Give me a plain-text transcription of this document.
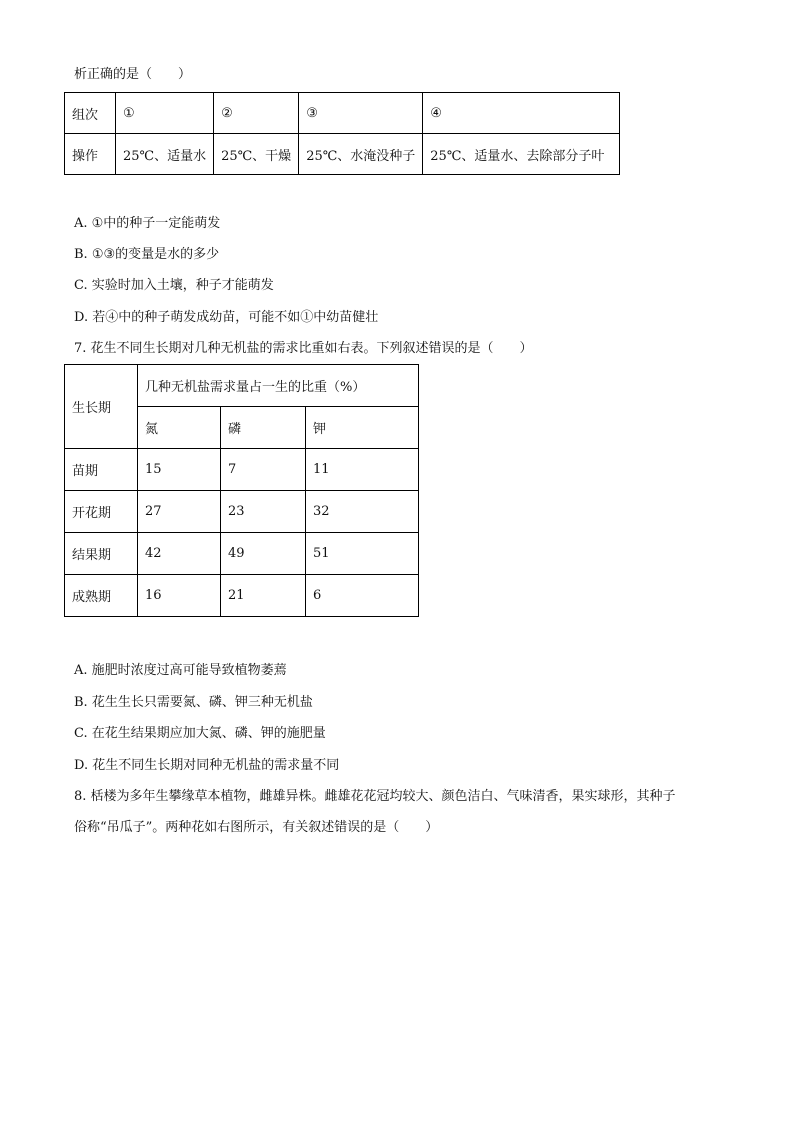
析正确的是（　　）
组次	①	②	③	④
操作	25℃、适量水	25℃、干燥	25℃、水淹没种子	25℃、适量水、去除部分子叶
A. ①中的种子一定能萌发
B. ①③的变量是水的多少
C. 实验时加入土壤，种子才能萌发
D. 若④中的种子萌发成幼苗，可能不如①中幼苗健壮
7. 花生不同生长期对几种无机盐的需求比重如右表。下列叙述错误的是（　　）
生长期	几种无机盐需求量占一生的比重（%）		
	氮	磷	钾
苗期	15	7	11
开花期	27	23	32
结果期	42	49	51
成熟期	16	21	6
A. 施肥时浓度过高可能导致植物萎蔫
B. 花生生长只需要氮、磷、钾三种无机盐
C. 在花生结果期应加大氮、磷、钾的施肥量
D. 花生不同生长期对同种无机盐的需求量不同
8. 栝楼为多年生攀缘草本植物，雌雄异株。雌雄花花冠均较大、颜色洁白、气味清香，果实球形，其种子
俗称“吊瓜子”。两种花如右图所示，有关叙述错误的是（　　）
